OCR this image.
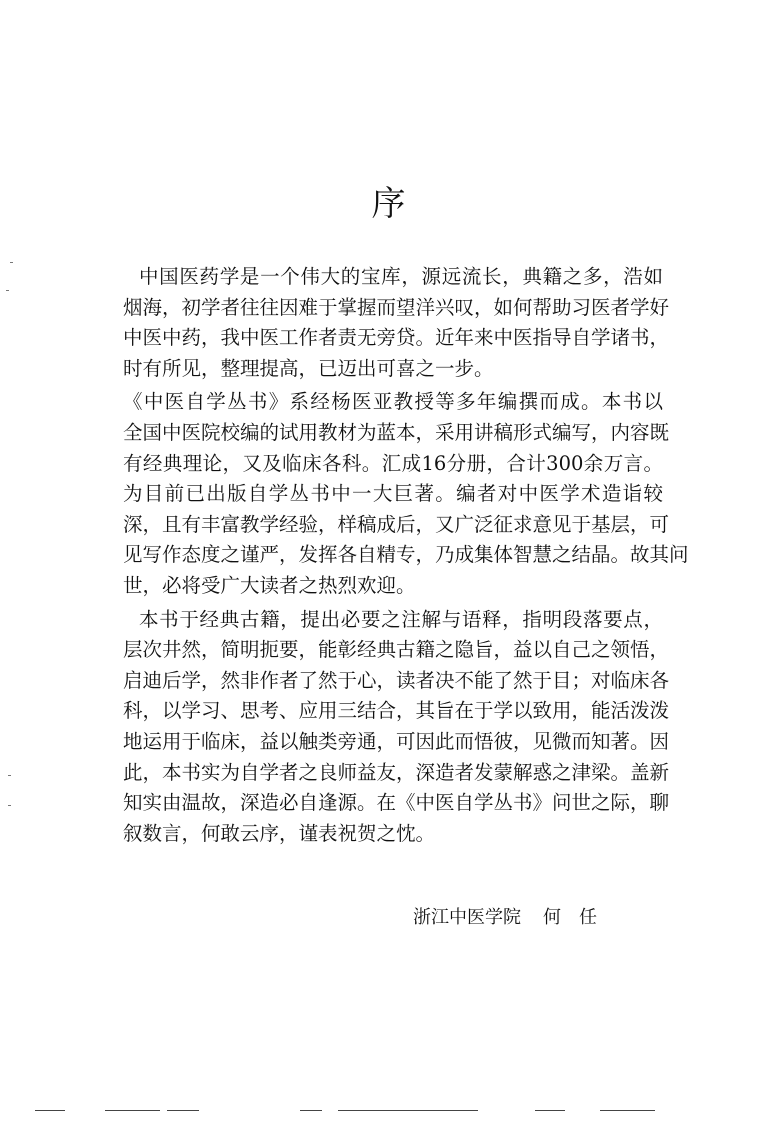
序
中国医药学是一个伟大的宝库，源远流长，典籍之多，浩如
烟海，初学者往往因难于掌握而望洋兴叹，如何帮助习医者学好
中医中药，我中医工作者责无旁贷。近年来中医指导自学诸书，
时有所见，整理提高，已迈出可喜之一步。
《中医自学丛书》系经杨医亚教授等多年编撰而成。本书以
全国中医院校编的试用教材为蓝本，采用讲稿形式编写，内容既
有经典理论，又及临床各科。汇成16分册，合计300余万言。
为目前已出版自学丛书中一大巨著。编者对中医学术造诣较
深，且有丰富教学经验，样稿成后，又广泛征求意见于基层，可
见写作态度之谨严，发挥各自精专，乃成集体智慧之结晶。故其问
世，必将受广大读者之热烈欢迎。
本书于经典古籍，提出必要之注解与语释，指明段落要点，
层次井然，简明扼要，能彰经典古籍之隐旨，益以自己之领悟，
启迪后学，然非作者了然于心，读者决不能了然于目；对临床各
科，以学习、思考、应用三结合，其旨在于学以致用，能活泼泼
地运用于临床，益以触类旁通，可因此而悟彼，见微而知著。因
此，本书实为自学者之良师益友，深造者发蒙解惑之津梁。盖新
知实由温故，深造必自逢源。在《中医自学丛书》问世之际，聊
叙数言，何敢云序，谨表祝贺之忱。
浙江中医学院 何 任
